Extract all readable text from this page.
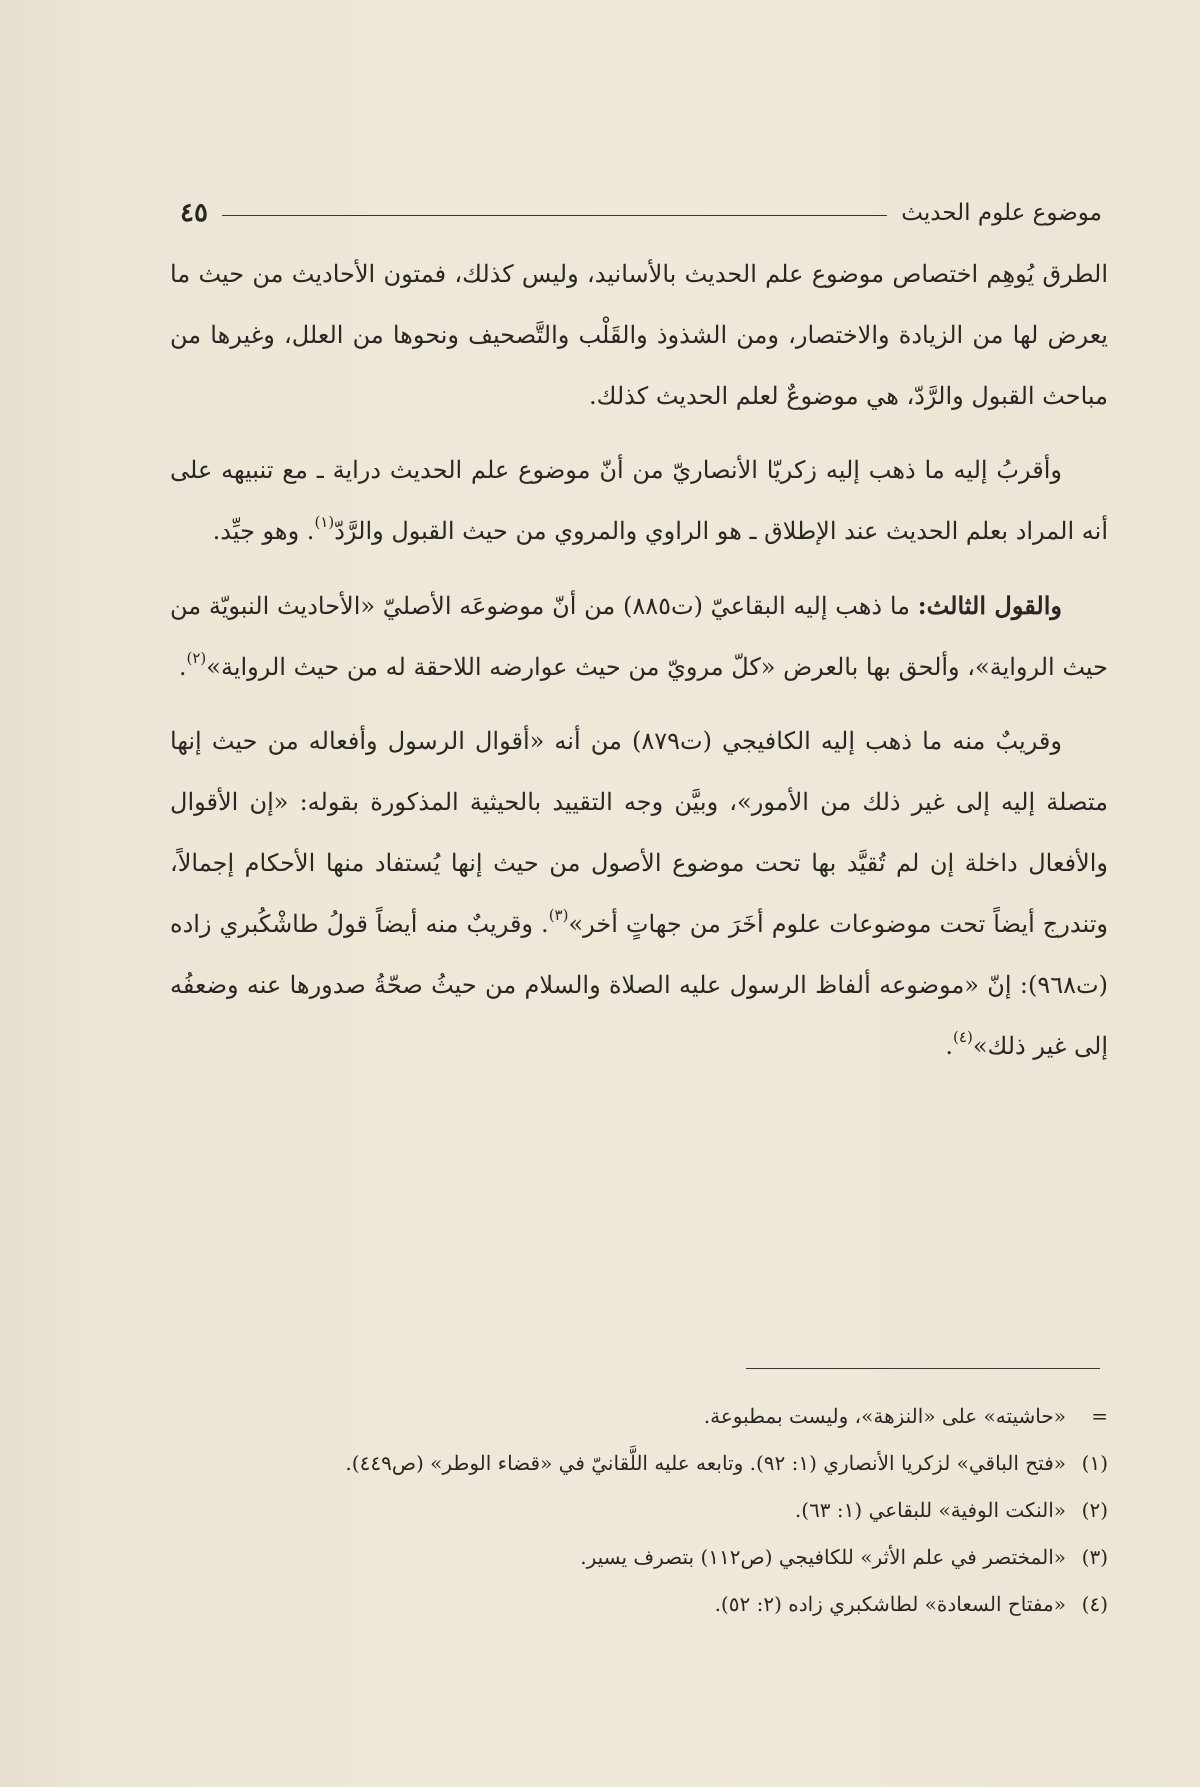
موضوع علوم الحديث
٤٥

الطرق يُوهِم اختصاص موضوع علم الحديث بالأسانيد، وليس كذلك، فمتون الأحاديث من حيث ما يعرض لها من الزيادة والاختصار، ومن الشذوذ والقَلْب والتَّصحيف ونحوها من العلل، وغيرها من مباحث القبول والرَّدّ، هي موضوعٌ لعلم الحديث كذلك.

وأقربُ إليه ما ذهب إليه زكريّا الأنصاريّ من أنّ موضوع علم الحديث دراية ـ مع تنبيهه على أنه المراد بعلم الحديث عند الإطلاق ـ هو الراوي والمروي من حيث القبول والرَّدّ$^{(١)}$. وهو جيِّد.

والقول الثالث: ما ذهب إليه البقاعيّ (ت٨٨٥) من أنّ موضوعَه الأصليّ «الأحاديث النبويّة من حيث الرواية»، وألحق بها بالعرض «كلّ مرويّ من حيث عوارضه اللاحقة له من حيث الرواية»$^{(٢)}$.

وقريبٌ منه ما ذهب إليه الكافيجي (ت٨٧٩) من أنه «أقوال الرسول وأفعاله من حيث إنها متصلة إليه إلى غير ذلك من الأمور»، وبيَّن وجه التقييد بالحيثية المذكورة بقوله: «إن الأقوال والأفعال داخلة إن لم تُقيَّد بها تحت موضوع الأصول من حيث إنها يُستفاد منها الأحكام إجمالاً، وتندرج أيضاً تحت موضوعات علوم أخَرَ من جهاتٍ أخر»$^{(٣)}$. وقريبٌ منه أيضاً قولُ طاشْكُبري زاده (ت٩٦٨): إنّ «موضوعه ألفاظ الرسول عليه الصلاة والسلام من حيثُ صحّةُ صدورها عنه وضعفُه إلى غير ذلك»$^{(٤)}$.

=
«حاشيته» على «النزهة»، وليست بمطبوعة.
(١)
«فتح الباقي» لزكريا الأنصاري (١: ٩٢). وتابعه عليه اللَّقانيّ في «قضاء الوطر» (ص٤٤٩).
(٢)
«النكت الوفية» للبقاعي (١: ٦٣).
(٣)
«المختصر في علم الأثر» للكافيجي (ص١١٢) بتصرف يسير.
(٤)
«مفتاح السعادة» لطاشكبري زاده (٢: ٥٢).
